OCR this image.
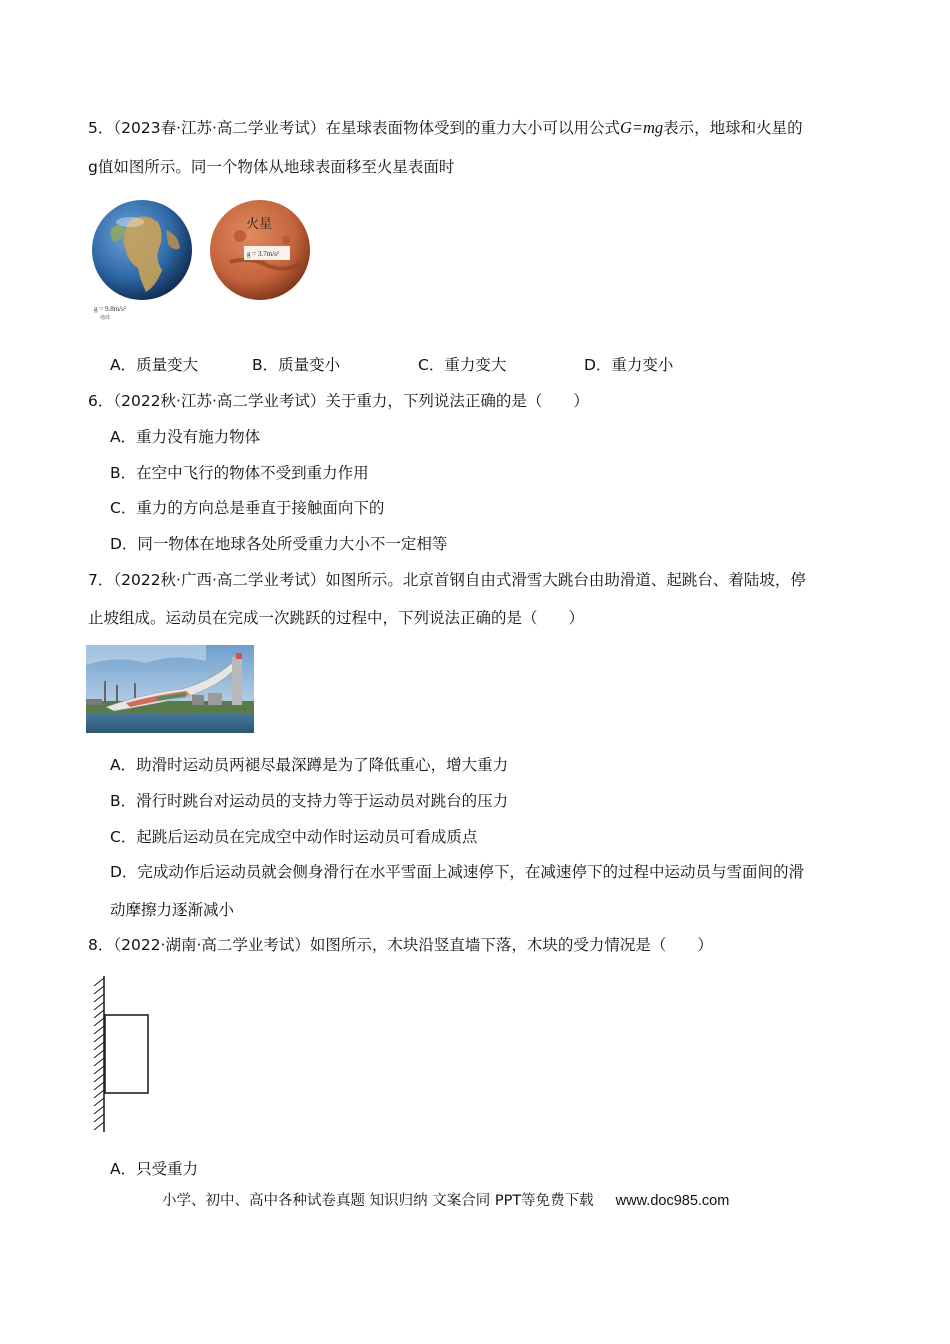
5．（2023春·江苏·高二学业考试）在星球表面物体受到的重力大小可以用公式G=mg表示，地球和火星的
g值如图所示。同一个物体从地球表面移至火星表面时
g = 9.8m/s²
地球
火星
g = 3.7m/s²
火
A．质量变大	B．质量变小	C．重力变大	D．重力变小
6．（2022秋·江苏·高二学业考试）关于重力，下列说法正确的是（　　）
A．重力没有施力物体
B．在空中飞行的物体不受到重力作用
C．重力的方向总是垂直于接触面向下的
D．同一物体在地球各处所受重力大小不一定相等
7．（2022秋·广西·高二学业考试）如图所示。北京首钢自由式滑雪大跳台由助滑道、起跳台、着陆坡，停
止坡组成。运动员在完成一次跳跃的过程中，下列说法正确的是（　　）
A．助滑时运动员两褪尽最深蹲是为了降低重心，增大重力
B．滑行时跳台对运动员的支持力等于运动员对跳台的压力
C．起跳后运动员在完成空中动作时运动员可看成质点
D．完成动作后运动员就会侧身滑行在水平雪面上减速停下，在减速停下的过程中运动员与雪面间的滑
动摩擦力逐渐减小
8．（2022·湖南·高二学业考试）如图所示，木块沿竖直墙下落，木块的受力情况是（　　）
A．只受重力
小学、初中、高中各种试卷真题 知识归纳 文案合同 PPT等免费下载 www.doc985.com
